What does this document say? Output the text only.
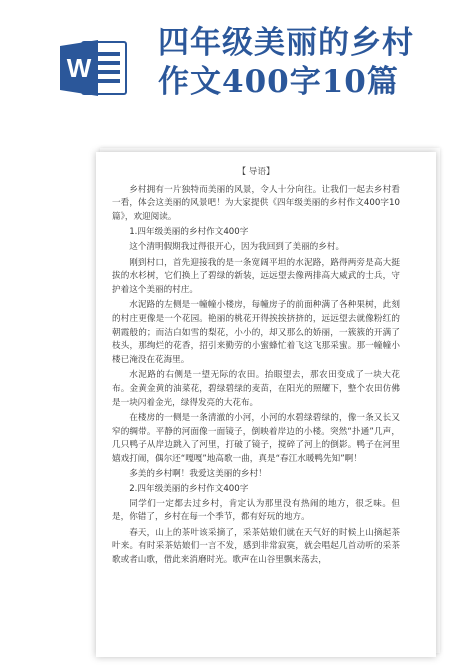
W
四年级美丽的乡村
作文400字10篇
【 导语】

乡村拥有一片独特而美丽的风景，令人十分向往。让我们一起去乡村看一看，体会这美丽的风景吧！为大家提供《四年级美丽的乡村作文400字10篇》，欢迎阅读。

1.四年级美丽的乡村作文400字

这个清明假期我过得很开心，因为我回到了美丽的乡村。

刚到村口，首先迎接我的是一条宽阔平坦的水泥路，路得两旁是高大挺拔的水杉树，它们换上了碧绿的新装，远远望去像两排高大威武的士兵，守护着这个美丽的村庄。

水泥路的左侧是一幢幢小楼房，每幢房子的前面种满了各种果树，此刻的村庄更像是一个花园。艳丽的桃花开得挨挨挤挤的，远远望去就像粉红的朝霞般的；而洁白如雪的梨花，小小的，却又那么的娇丽，一簇簇的开满了枝头，那绚烂的花香，招引来勤劳的小蜜蜂忙着飞这飞那采蜜。那一幢幢小楼已淹没在花海里。

水泥路的右侧是一望无际的农田。抬眼望去，那农田变成了一块大花布。金黄金黄的油菜花，碧绿碧绿的麦苗，在阳光的照耀下，整个农田仿佛是一块闪着金光，绿得发亮的大花布。

在楼房的一侧是一条清澈的小河，小河的水碧绿碧绿的，像一条又长又窄的绸带。平静的河面像一面镜子，倒映着岸边的小楼。突然“扑通”几声，几只鸭子从岸边跳入了河里，打破了镜子，搅碎了河上的倒影。鸭子在河里嬉戏打闹，偶尔还“嘎嘎”地高歌一曲，真是“春江水暖鸭先知”啊！

多美的乡村啊！我爱这美丽的乡村！

2.四年级美丽的乡村作文400字

同学们一定都去过乡村，肯定认为那里没有热闹的地方，很乏味。但是，你错了，乡村在每一个季节，都有好玩的地方。

春天，山上的茶叶该采摘了，采茶姑娘们就在天气好的时候上山摘起茶叶来。有时采茶姑娘们一言不发，感到非常寂寞，就会唱起几首动听的采茶歌或者山歌，借此来消磨时光。歌声在山谷里飘来荡去，
